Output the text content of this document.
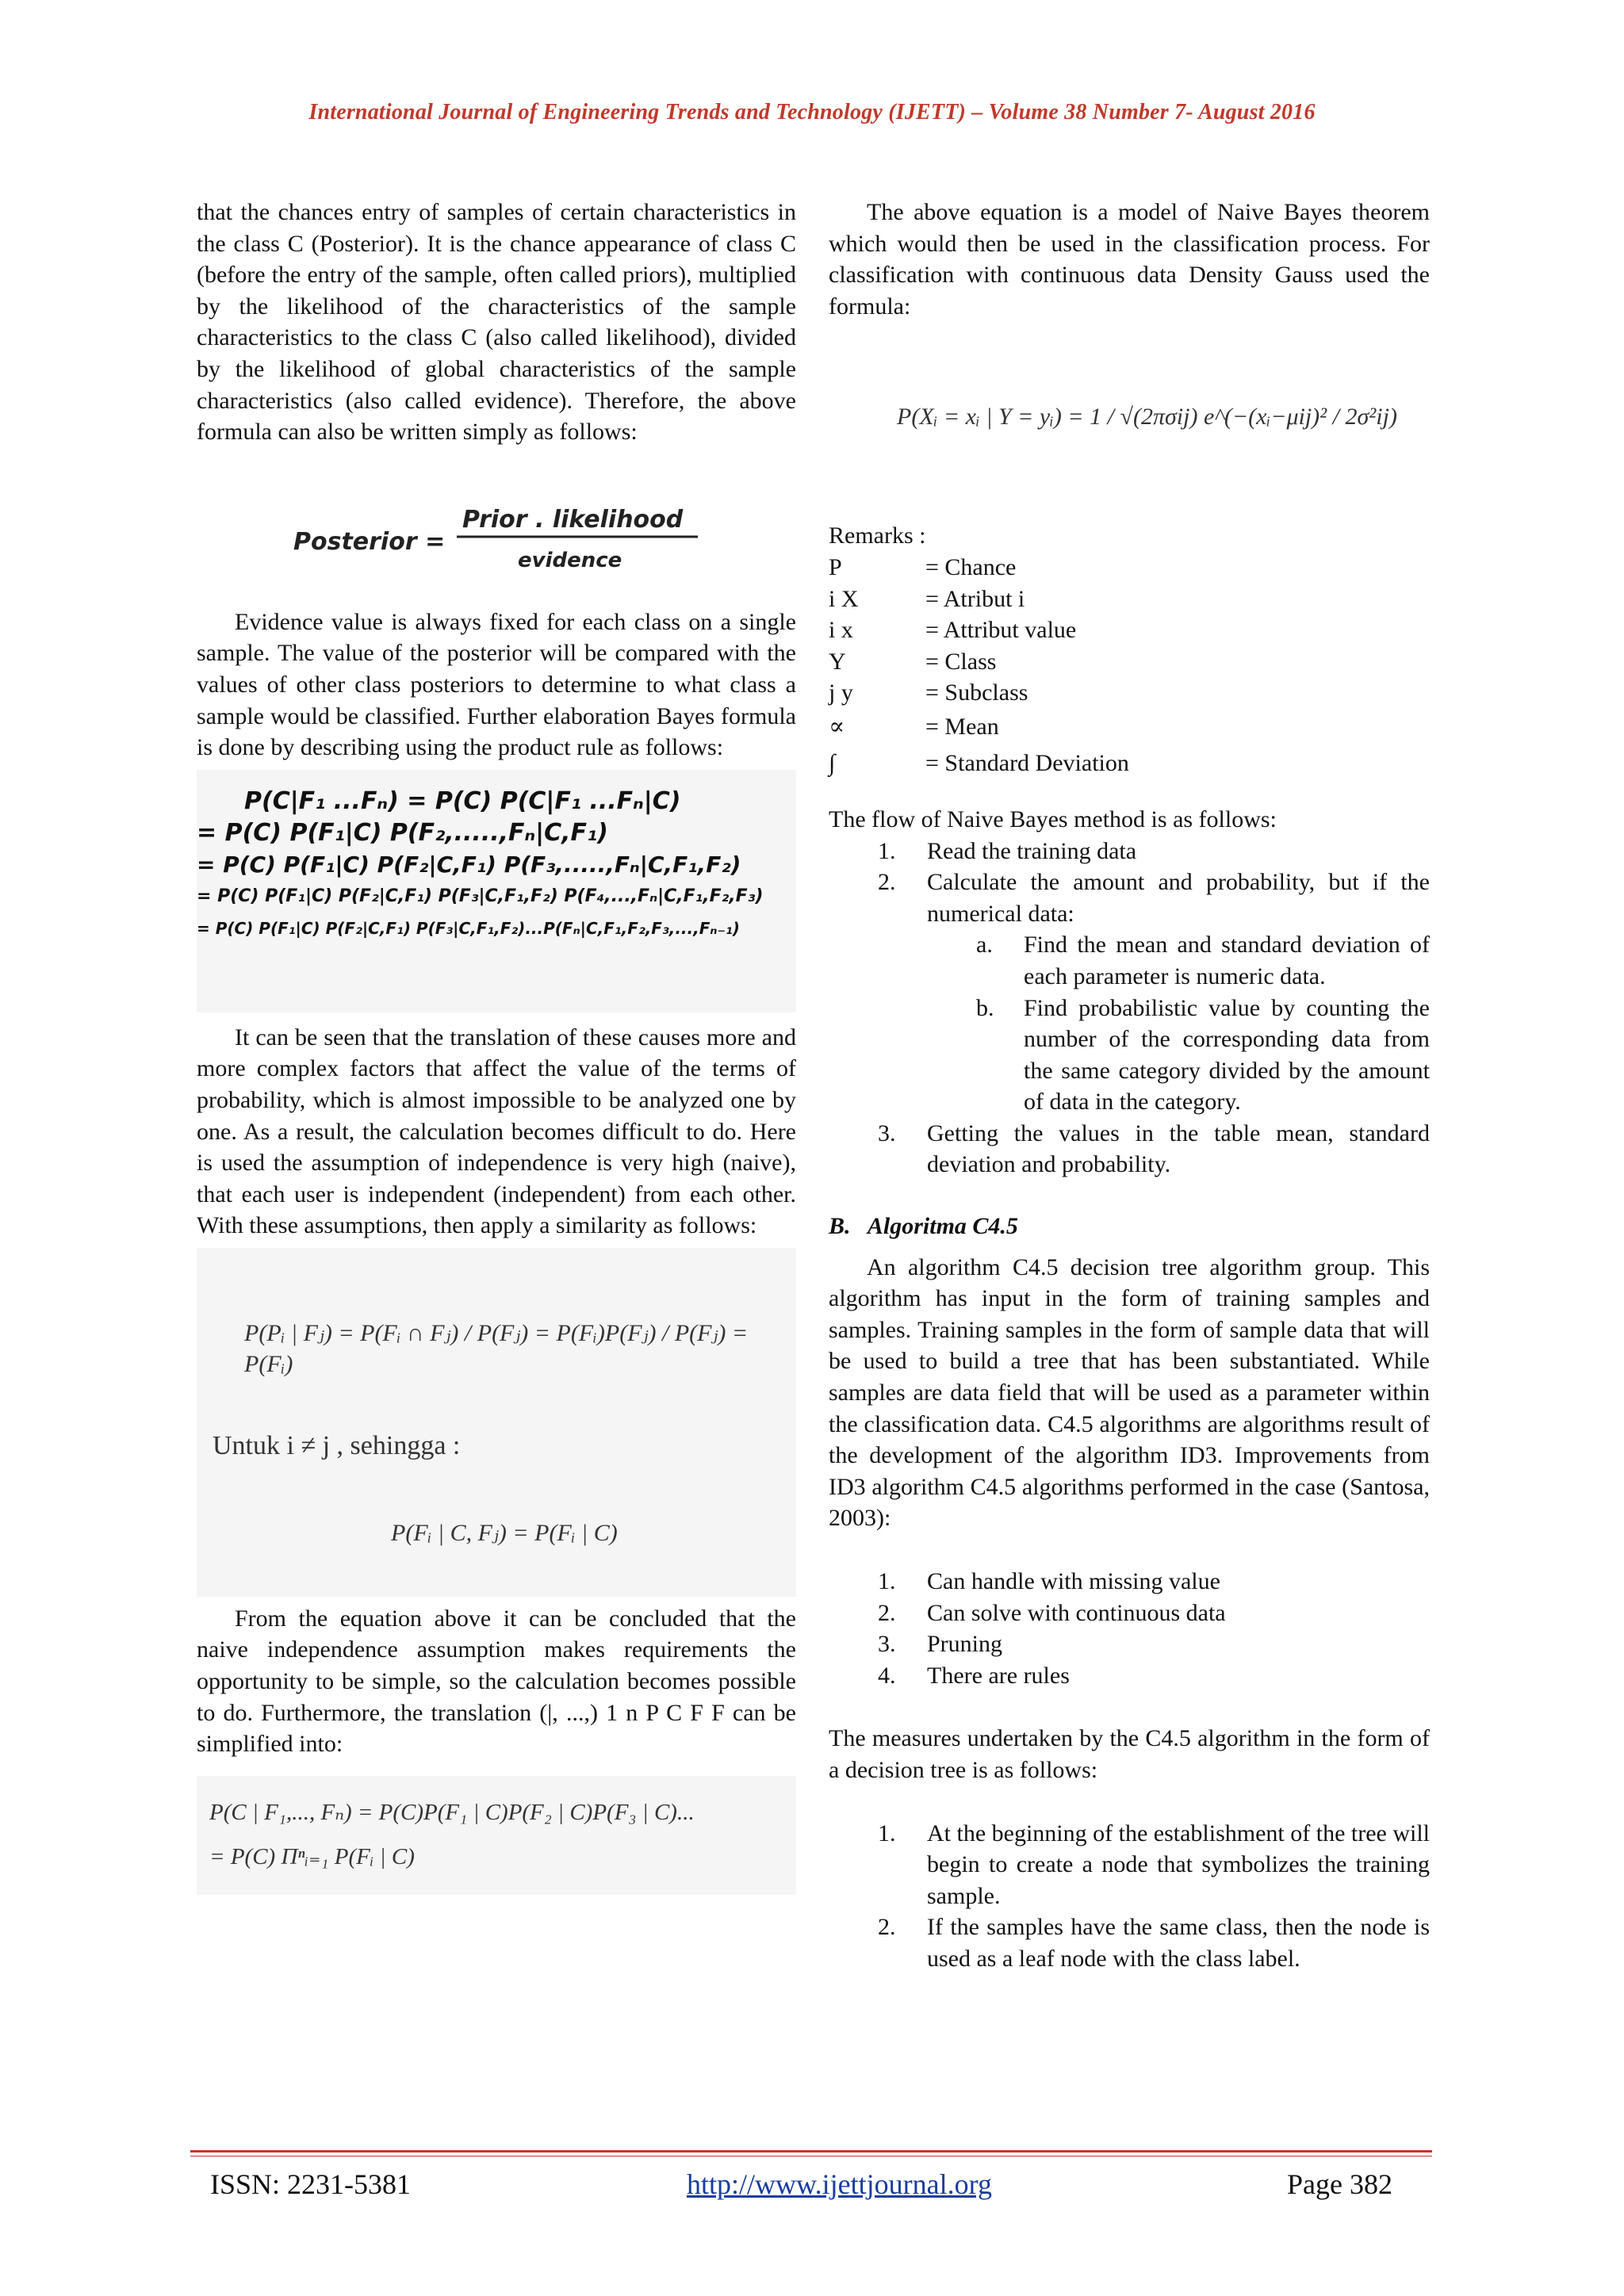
International Journal of Engineering Trends and Technology (IJETT) – Volume 38 Number 7- August 2016

that the chances entry of samples of certain characteristics in the class C (Posterior). It is the chance appearance of class C (before the entry of the sample, often called priors), multiplied by the likelihood of the characteristics of the sample characteristics to the class C (also called likelihood), divided by the likelihood of global characteristics of the sample characteristics (also called evidence). Therefore, the above formula can also be written simply as follows:

Posterior =
Prior . likelihood
evidence

Evidence value is always fixed for each class on a single sample. The value of the posterior will be compared with the values of other class posteriors to determine to what class a sample would be classified. Further elaboration Bayes formula is done by describing using the product rule as follows:

P(C|F₁ ...Fₙ) = P(C) P(C|F₁ ...Fₙ|C)
= P(C) P(F₁|C) P(F₂,.....,Fₙ|C,F₁)
= P(C) P(F₁|C) P(F₂|C,F₁) P(F₃,.....,Fₙ|C,F₁,F₂)
= P(C) P(F₁|C) P(F₂|C,F₁) P(F₃|C,F₁,F₂) P(F₄,...,Fₙ|C,F₁,F₂,F₃)
= P(C) P(F₁|C) P(F₂|C,F₁) P(F₃|C,F₁,F₂)...P(Fₙ|C,F₁,F₂,F₃,...,Fₙ₋₁)

It can be seen that the translation of these causes more and more complex factors that affect the value of the terms of probability, which is almost impossible to be analyzed one by one. As a result, the calculation becomes difficult to do. Here is used the assumption of independence is very high (naive), that each user is independent (independent) from each other. With these assumptions, then apply a similarity as follows:

P(Pᵢ | Fⱼ) = P(Fᵢ ∩ Fⱼ) / P(Fⱼ) = P(Fᵢ)P(Fⱼ) / P(Fⱼ) = P(Fᵢ)
Untuk i ≠ j , sehingga :
P(Fᵢ | C, Fⱼ) = P(Fᵢ | C)

From the equation above it can be concluded that the naive independence assumption makes requirements the opportunity to be simple, so the calculation becomes possible to do. Furthermore, the translation (|, ...,) 1 n P C F F can be simplified into:

P(C | F₁,..., Fₙ) = P(C)P(F₁ | C)P(F₂ | C)P(F₃ | C)...
= P(C) Πⁿᵢ₌₁ P(Fᵢ | C)

The above equation is a model of Naive Bayes theorem which would then be used in the classification process. For classification with continuous data Density Gauss used the formula:

P(Xᵢ = xᵢ | Y = yᵢ) = 1 / √(2πσij) e^(−(xᵢ−μij)² / 2σ²ij)
Remarks :
P	= Chance
i X	= Atribut i
i x	= Attribut value
Y	= Class
j y	= Subclass
∝	= Mean
∫	= Standard Deviation
The flow of Naive Bayes method is as follows:
1.	Read the training data
2.	Calculate the amount and probability, but if the numerical data:
a.	Find the mean and standard deviation of each parameter is numeric data.
b.	Find probabilistic value by counting the number of the corresponding data from the same category divided by the amount of data in the category.
3.	Getting the values in the table mean, standard deviation and probability.
B.   Algoritma C4.5

An algorithm C4.5 decision tree algorithm group. This algorithm has input in the form of training samples and samples. Training samples in the form of sample data that will be used to build a tree that has been substantiated. While samples are data field that will be used as a parameter within the classification data. C4.5 algorithms are algorithms result of the development of the algorithm ID3. Improvements from ID3 algorithm C4.5 algorithms performed in the case (Santosa, 2003):

1.	Can handle with missing value
2.	Can solve with continuous data
3.	Pruning
4.	There are rules

The measures undertaken by the C4.5 algorithm in the form of a decision tree is as follows:

1.	At the beginning of the establishment of the tree will begin to create a node that symbolizes the training sample.
2.	If the samples have the same class, then the node is used as a leaf node with the class label.
ISSN: 2231-5381	http://www.ijettjournal.org	Page 382
